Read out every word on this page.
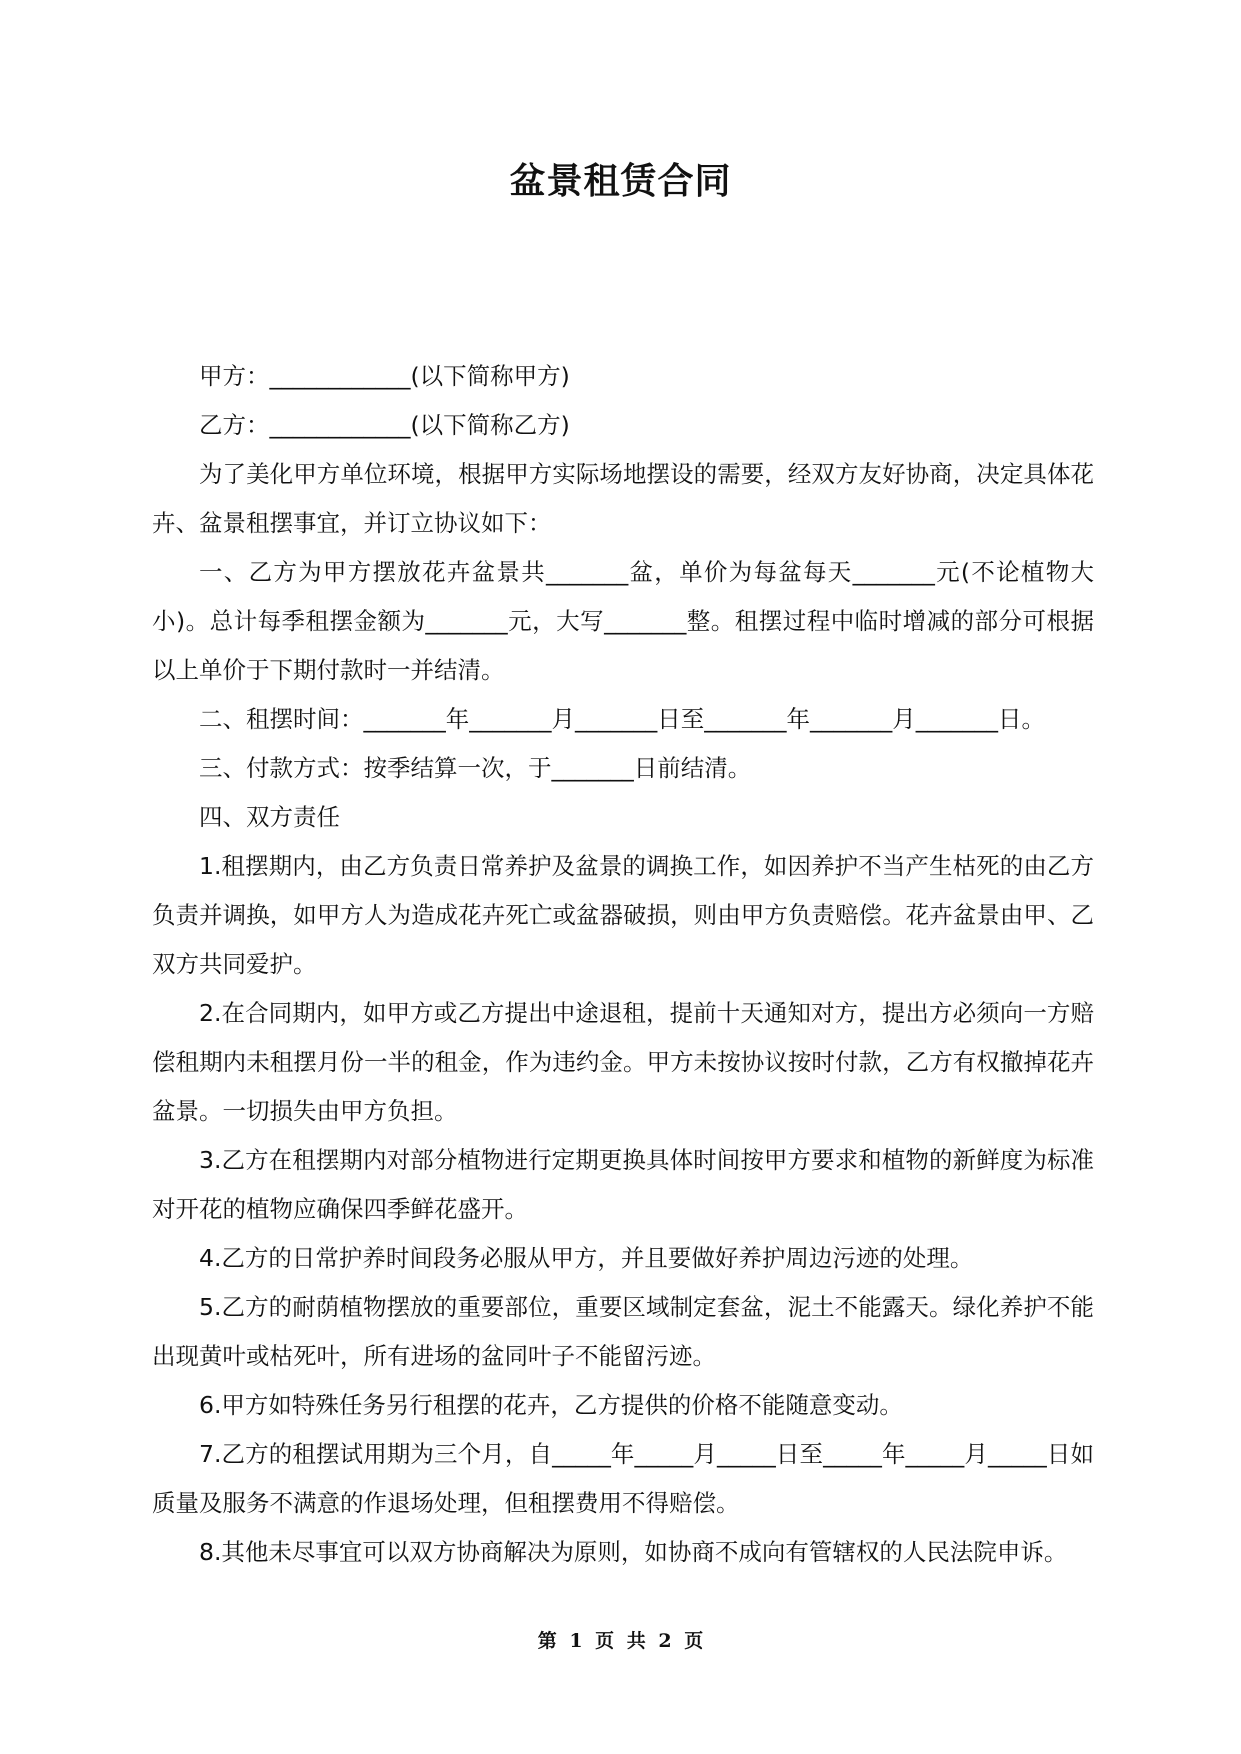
盆景租赁合同

甲方：____________(以下简称甲方)

乙方：____________(以下简称乙方)

为了美化甲方单位环境，根据甲方实际场地摆设的需要，经双方友好协商，决定具体花卉、盆景租摆事宜，并订立协议如下：

一、乙方为甲方摆放花卉盆景共_______盆，单价为每盆每天_______元(不论植物大小)。总计每季租摆金额为_______元，大写_______整。租摆过程中临时增减的部分可根据以上单价于下期付款时一并结清。

二、租摆时间：_______年_______月_______日至_______年_______月_______日。

三、付款方式：按季结算一次，于_______日前结清。

四、双方责任

1.租摆期内，由乙方负责日常养护及盆景的调换工作，如因养护不当产生枯死的由乙方负责并调换，如甲方人为造成花卉死亡或盆器破损，则由甲方负责赔偿。花卉盆景由甲、乙双方共同爱护。

2.在合同期内，如甲方或乙方提出中途退租，提前十天通知对方，提出方必须向一方赔偿租期内未租摆月份一半的租金，作为违约金。甲方未按协议按时付款，乙方有权撤掉花卉盆景。一切损失由甲方负担。

3.乙方在租摆期内对部分植物进行定期更换具体时间按甲方要求和植物的新鲜度为标准对开花的植物应确保四季鲜花盛开。

4.乙方的日常护养时间段务必服从甲方，并且要做好养护周边污迹的处理。

5.乙方的耐荫植物摆放的重要部位，重要区域制定套盆，泥土不能露天。绿化养护不能出现黄叶或枯死叶，所有进场的盆同叶子不能留污迹。

6.甲方如特殊任务另行租摆的花卉，乙方提供的价格不能随意变动。

7.乙方的租摆试用期为三个月，自_____年_____月_____日至_____年_____月_____日如质量及服务不满意的作退场处理，但租摆费用不得赔偿。

8.其他未尽事宜可以双方协商解决为原则，如协商不成向有管辖权的人民法院申诉。

第 1 页 共 2 页
